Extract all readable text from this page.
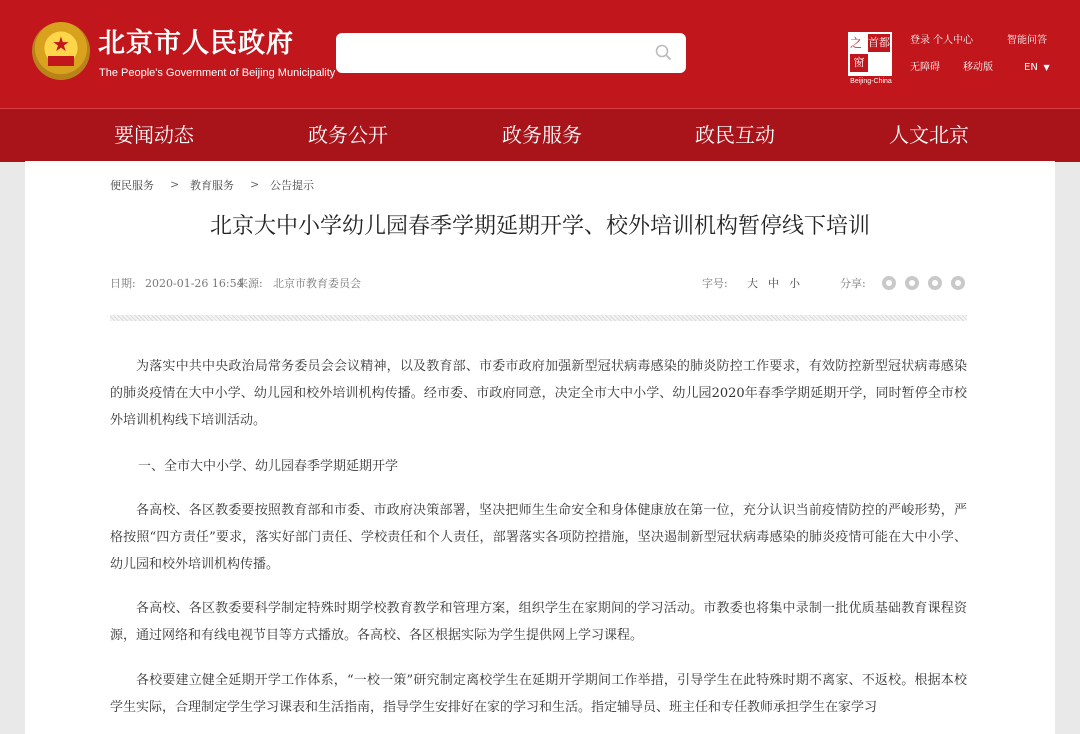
★	北京市人民政府
The People's Government of Beijing Municipality
之 首都
窗
Beijing-China
登录 个人中心	智能问答
无障碍 移动版	EN  ▼
要闻动态	政务公开	政务服务	政民互动	人文北京
便民服务 > 教育服务 > 公告提示
北京大中小学幼儿园春季学期延期开学、校外培训机构暂停线下培训
日期: 2020-01-26 16:54
来源: 北京市教育委员会	字号: 大 中 小	分享:

为落实中共中央政治局常务委员会会议精神，以及教育部、市委市政府加强新型冠状病毒感染的肺炎防控工作要求，有效防控新型冠状病毒感染的肺炎疫情在大中小学、幼儿园和校外培训机构传播。经市委、市政府同意，决定全市大中小学、幼儿园2020年春季学期延期开学，同时暂停全市校外培训机构线下培训活动。

一、全市大中小学、幼儿园春季学期延期开学

各高校、各区教委要按照教育部和市委、市政府决策部署，坚决把师生生命安全和身体健康放在第一位，充分认识当前疫情防控的严峻形势，严格按照“四方责任”要求，落实好部门责任、学校责任和个人责任，部署落实各项防控措施，坚决遏制新型冠状病毒感染的肺炎疫情可能在大中小学、幼儿园和校外培训机构传播。

各高校、各区教委要科学制定特殊时期学校教育教学和管理方案，组织学生在家期间的学习活动。市教委也将集中录制一批优质基础教育课程资源，通过网络和有线电视节目等方式播放。各高校、各区根据实际为学生提供网上学习课程。

各校要建立健全延期开学工作体系，“一校一策”研究制定离校学生在延期开学期间工作举措，引导学生在此特殊时期不离家、不返校。根据本校学生实际，合理制定学生学习课表和生活指南，指导学生安排好在家的学习和生活。指定辅导员、班主任和专任教师承担学生在家学习
